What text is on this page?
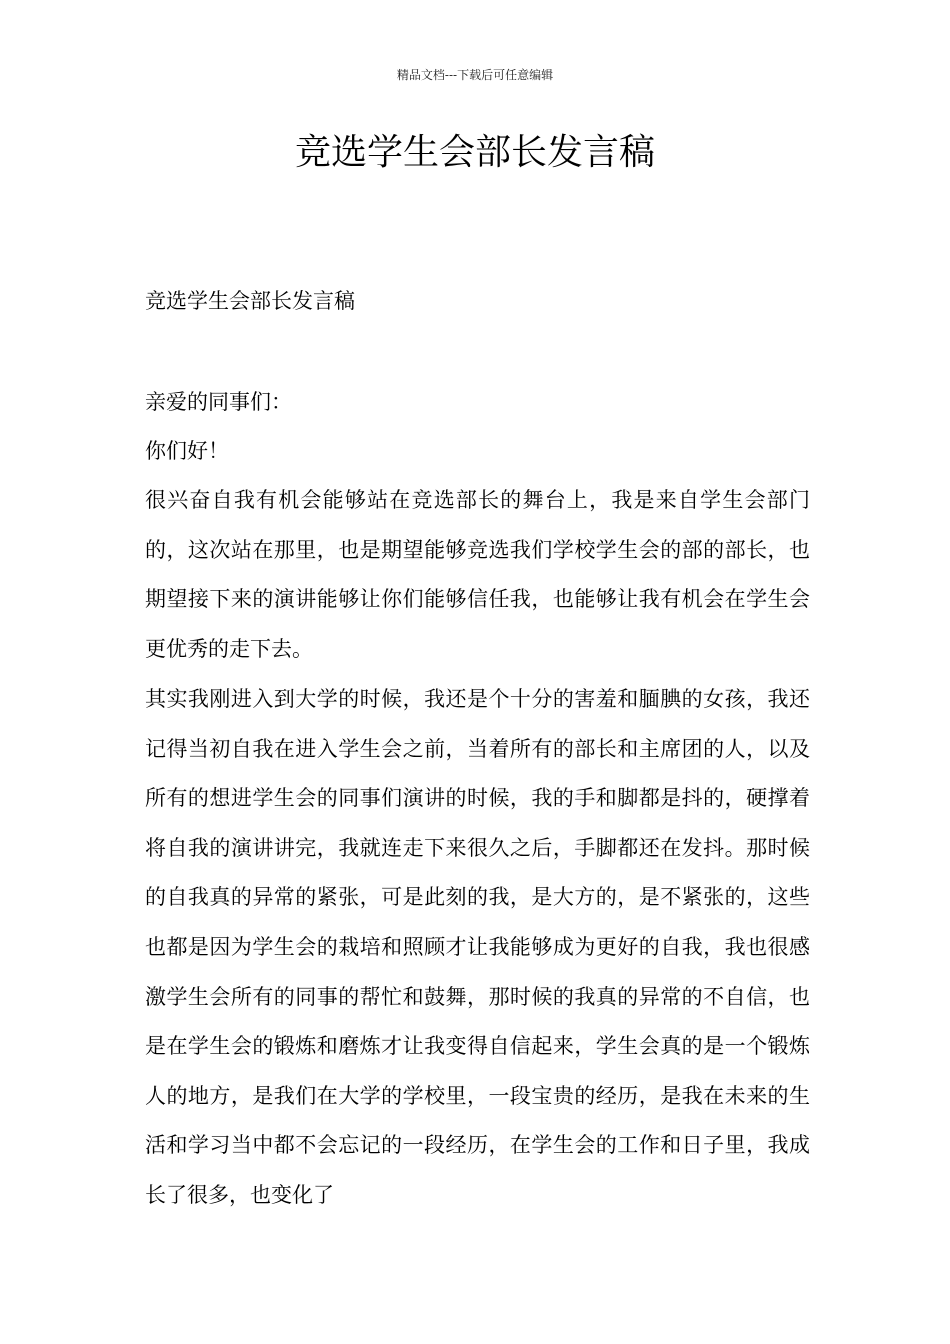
精品文档---下载后可任意编辑
竞选学生会部长发言稿

竞选学生会部长发言稿

亲爱的同事们：

你们好！

很兴奋自我有机会能够站在竞选部长的舞台上，我是来自学生会部门的，这次站在那里，也是期望能够竞选我们学校学生会的部的部长，也期望接下来的演讲能够让你们能够信任我，也能够让我有机会在学生会更优秀的走下去。

其实我刚进入到大学的时候，我还是个十分的害羞和腼腆的女孩，我还记得当初自我在进入学生会之前，当着所有的部长和主席团的人，以及所有的想进学生会的同事们演讲的时候，我的手和脚都是抖的，硬撑着将自我的演讲讲完，我就连走下来很久之后，手脚都还在发抖。那时候的自我真的异常的紧张，可是此刻的我，是大方的，是不紧张的，这些也都是因为学生会的栽培和照顾才让我能够成为更好的自我，我也很感激学生会所有的同事的帮忙和鼓舞，那时候的我真的异常的不自信，也是在学生会的锻炼和磨炼才让我变得自信起来，学生会真的是一个锻炼人的地方，是我们在大学的学校里，一段宝贵的经历，是我在未来的生活和学习当中都不会忘记的一段经历，在学生会的工作和日子里，我成长了很多，也变化了
